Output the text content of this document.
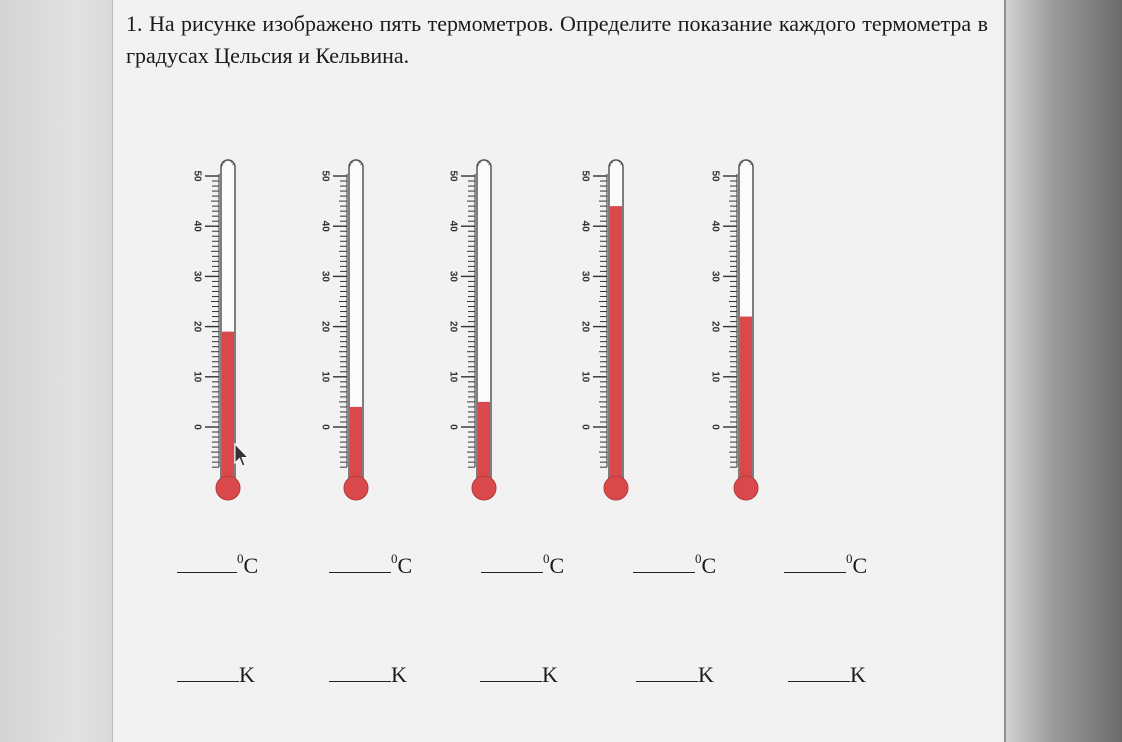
1. На рисунке изображено пять термометров. Определите показание каждого термометра в градусах Цельсия и Кельвина.

50
40
30
20
10
0
50
40
30
20
10
0
50
40
30
20
10
0
50
40
30
20
10
0
50
40
30
20
10
0
$^0$C	$^0$C	$^0$C	$^0$C	$^0$C
K	K	K	K	K
